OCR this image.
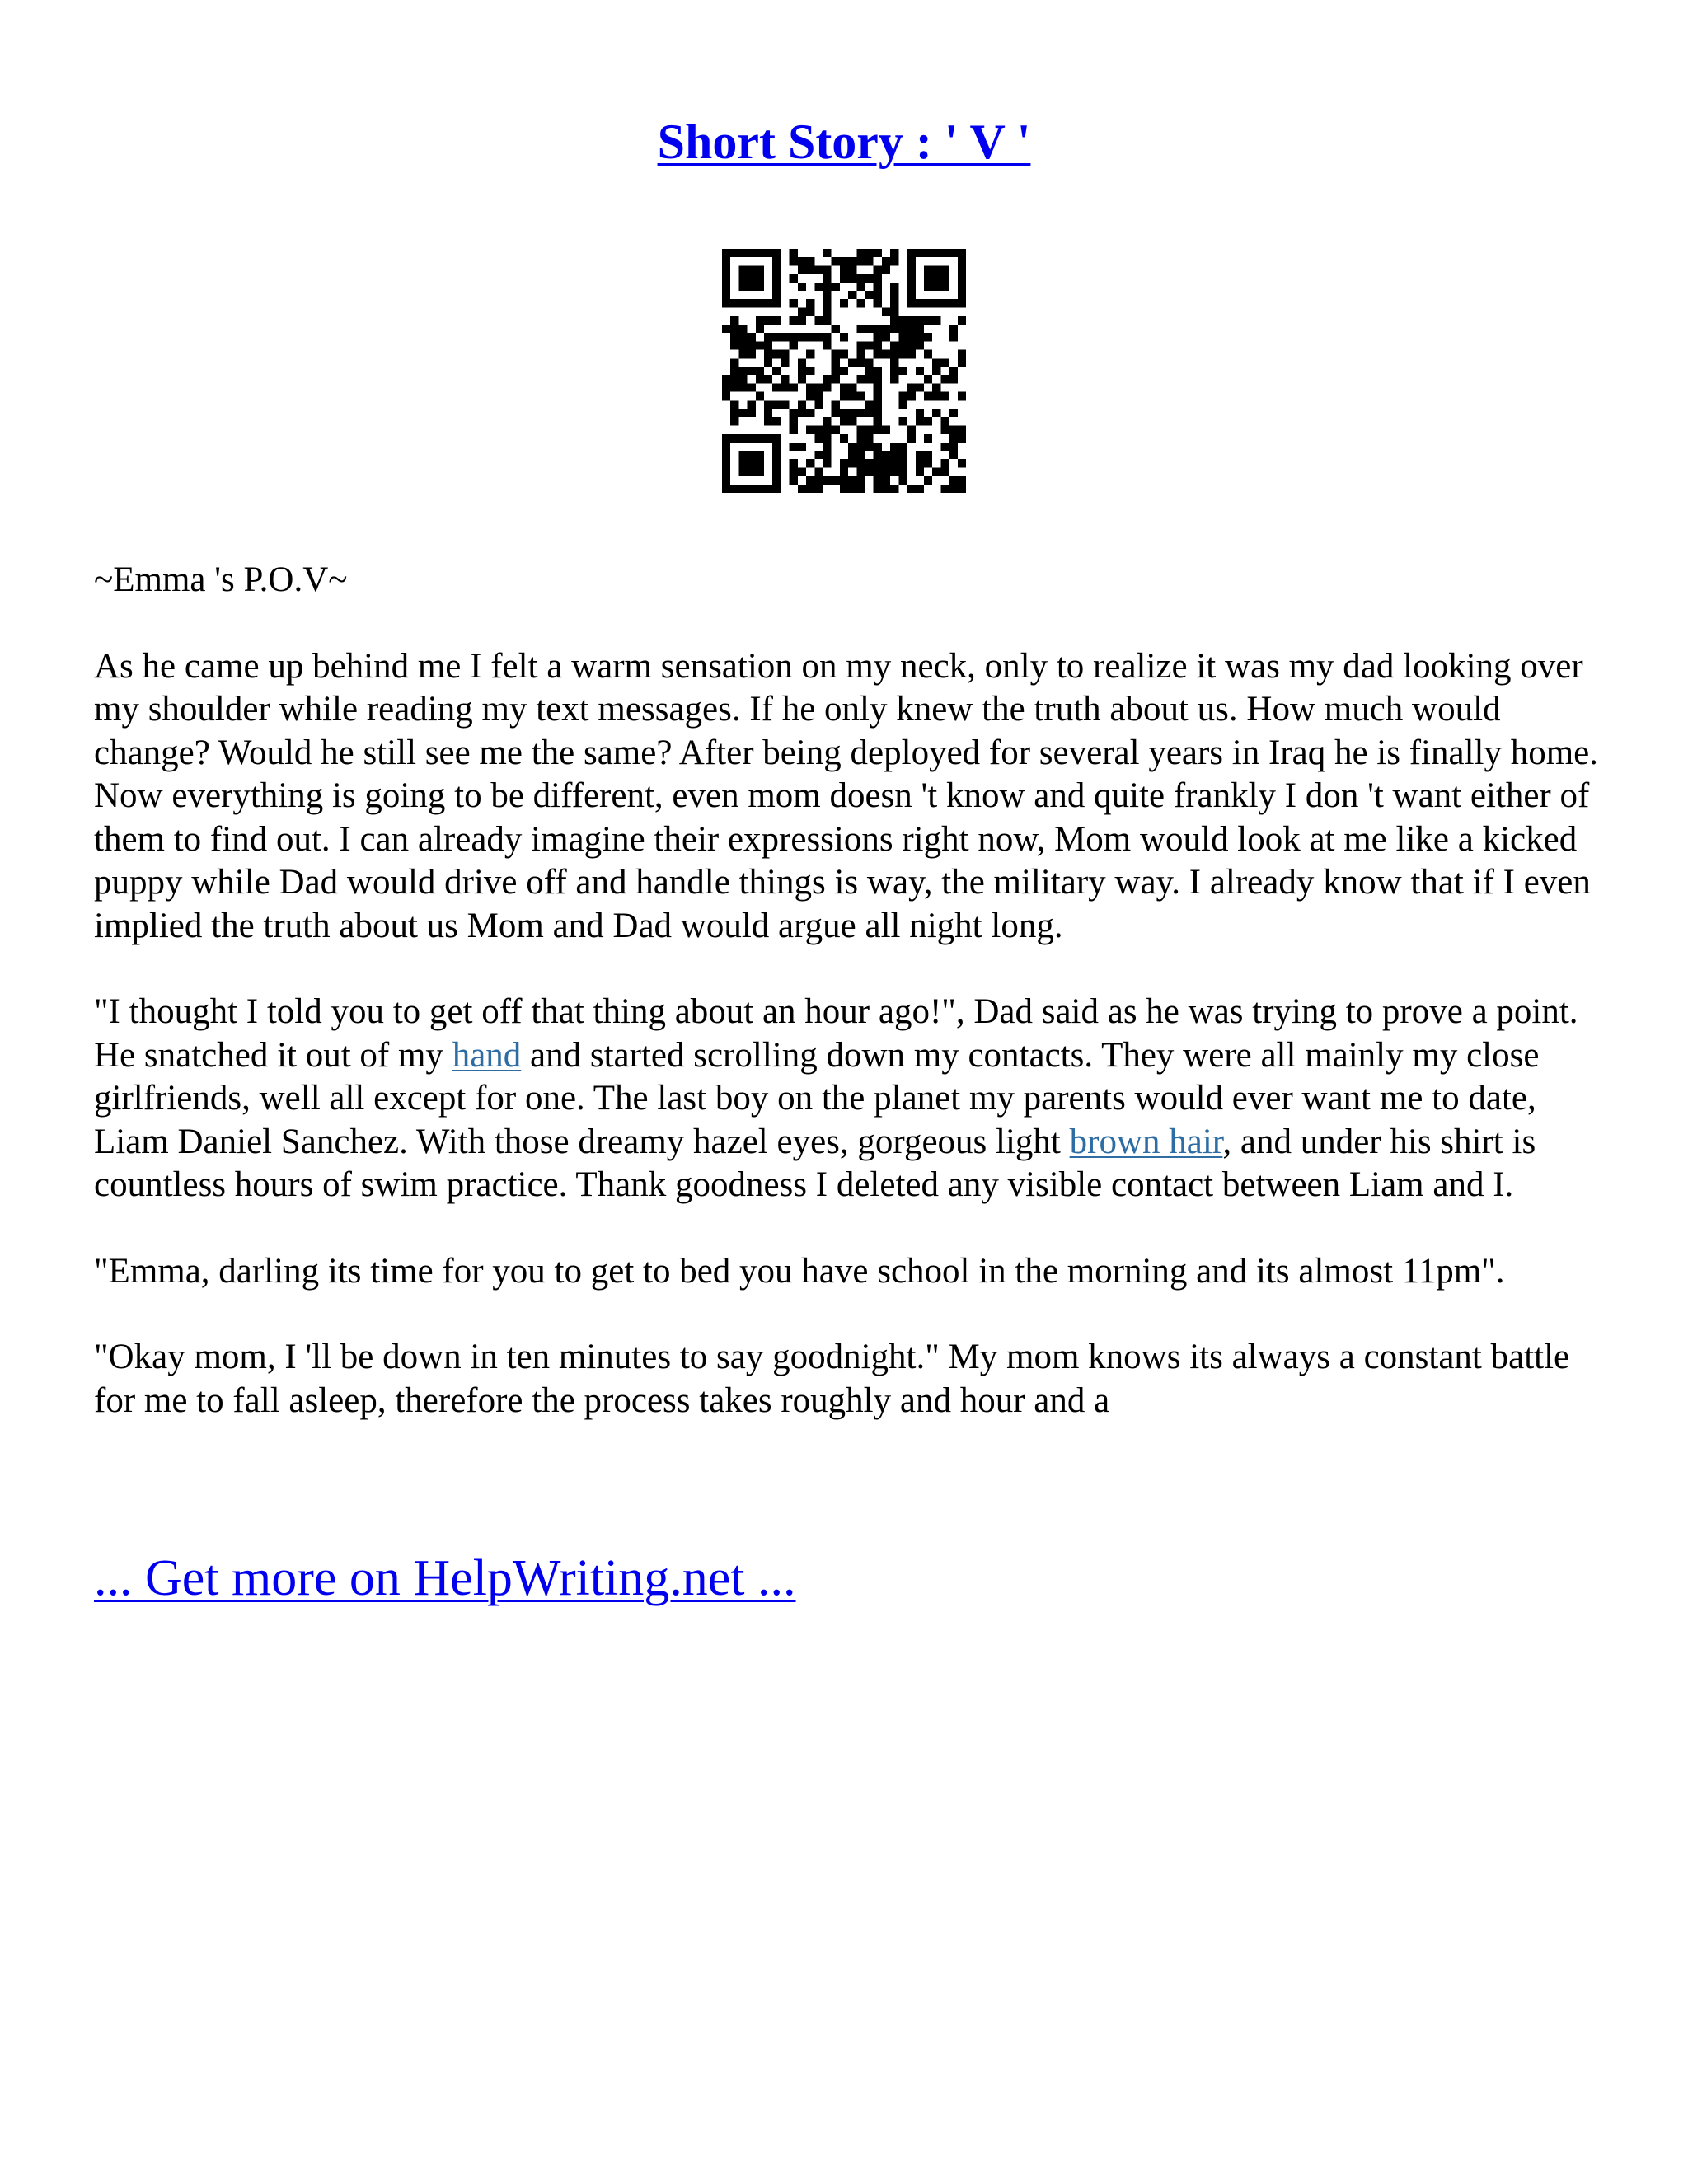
Short Story : ' V '

~Emma 's P.O.V~

As he came up behind me I felt a warm sensation on my neck, only to realize it was my dad looking over my shoulder while reading my text messages. If he only knew the truth about us. How much would change? Would he still see me the same? After being deployed for several years in Iraq he is finally home. Now everything is going to be different, even mom doesn 't know and quite frankly I don 't want either of them to find out. I can already imagine their expressions right now, Mom would look at me like a kicked puppy while Dad would drive off and handle things is way, the military way. I already know that if I even implied the truth about us Mom and Dad would argue all night long.

"I thought I told you to get off that thing about an hour ago!", Dad said as he was trying to prove a point. He snatched it out of my hand and started scrolling down my contacts. They were all mainly my close girlfriends, well all except for one. The last boy on the planet my parents would ever want me to date, Liam Daniel Sanchez. With those dreamy hazel eyes, gorgeous light brown hair, and under his shirt is countless hours of swim practice. Thank goodness I deleted any visible contact between Liam and I.

"Emma, darling its time for you to get to bed you have school in the morning and its almost 11pm".

"Okay mom, I 'll be down in ten minutes to say goodnight." My mom knows its always a constant battle for me to fall asleep, therefore the process takes roughly and hour and a

... Get more on HelpWriting.net ...
